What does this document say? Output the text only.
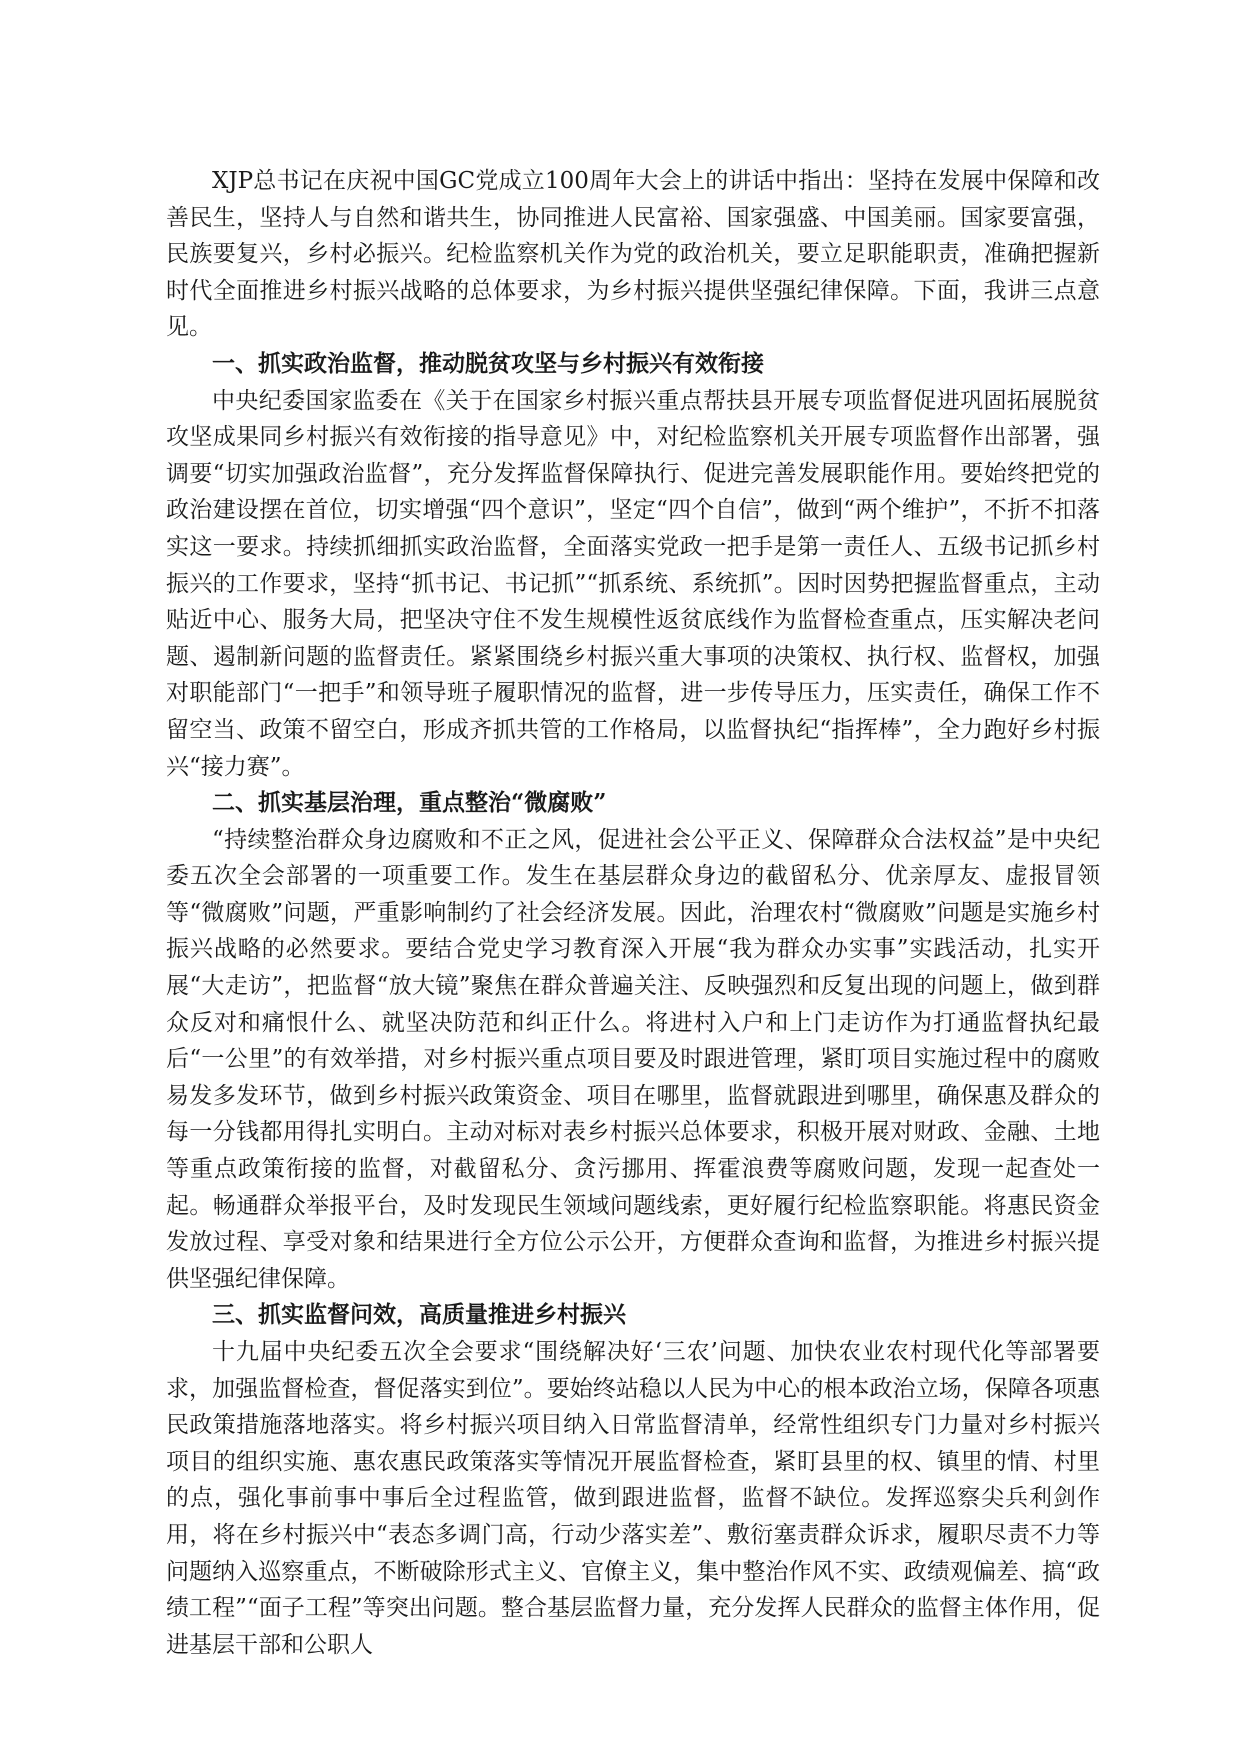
XJP总书记在庆祝中国GC党成立100周年大会上的讲话中指出：坚持在发展中保障和改善民生，坚持人与自然和谐共生，协同推进人民富裕、国家强盛、中国美丽。国家要富强，民族要复兴，乡村必振兴。纪检监察机关作为党的政治机关，要立足职能职责，准确把握新时代全面推进乡村振兴战略的总体要求，为乡村振兴提供坚强纪律保障。下面，我讲三点意见。

一、抓实政治监督，推动脱贫攻坚与乡村振兴有效衔接

中央纪委国家监委在《关于在国家乡村振兴重点帮扶县开展专项监督促进巩固拓展脱贫攻坚成果同乡村振兴有效衔接的指导意见》中，对纪检监察机关开展专项监督作出部署，强调要“切实加强政治监督”，充分发挥监督保障执行、促进完善发展职能作用。要始终把党的政治建设摆在首位，切实增强“四个意识”，坚定“四个自信”，做到“两个维护”，不折不扣落实这一要求。持续抓细抓实政治监督，全面落实党政一把手是第一责任人、五级书记抓乡村振兴的工作要求，坚持“抓书记、书记抓”“抓系统、系统抓”。因时因势把握监督重点，主动贴近中心、服务大局，把坚决守住不发生规模性返贫底线作为监督检查重点，压实解决老问题、遏制新问题的监督责任。紧紧围绕乡村振兴重大事项的决策权、执行权、监督权，加强对职能部门“一把手”和领导班子履职情况的监督，进一步传导压力，压实责任，确保工作不留空当、政策不留空白，形成齐抓共管的工作格局，以监督执纪“指挥棒”，全力跑好乡村振兴“接力赛”。

二、抓实基层治理，重点整治“微腐败”

“持续整治群众身边腐败和不正之风，促进社会公平正义、保障群众合法权益”是中央纪委五次全会部署的一项重要工作。发生在基层群众身边的截留私分、优亲厚友、虚报冒领等“微腐败”问题，严重影响制约了社会经济发展。因此，治理农村“微腐败”问题是实施乡村振兴战略的必然要求。要结合党史学习教育深入开展“我为群众办实事”实践活动，扎实开展“大走访”，把监督“放大镜”聚焦在群众普遍关注、反映强烈和反复出现的问题上，做到群众反对和痛恨什么、就坚决防范和纠正什么。将进村入户和上门走访作为打通监督执纪最后“一公里”的有效举措，对乡村振兴重点项目要及时跟进管理，紧盯项目实施过程中的腐败易发多发环节，做到乡村振兴政策资金、项目在哪里，监督就跟进到哪里，确保惠及群众的每一分钱都用得扎实明白。主动对标对表乡村振兴总体要求，积极开展对财政、金融、土地等重点政策衔接的监督，对截留私分、贪污挪用、挥霍浪费等腐败问题，发现一起查处一起。畅通群众举报平台，及时发现民生领域问题线索，更好履行纪检监察职能。将惠民资金发放过程、享受对象和结果进行全方位公示公开，方便群众查询和监督，为推进乡村振兴提供坚强纪律保障。

三、抓实监督问效，高质量推进乡村振兴

十九届中央纪委五次全会要求“围绕解决好‘三农’问题、加快农业农村现代化等部署要求，加强监督检查，督促落实到位”。要始终站稳以人民为中心的根本政治立场，保障各项惠民政策措施落地落实。将乡村振兴项目纳入日常监督清单，经常性组织专门力量对乡村振兴项目的组织实施、惠农惠民政策落实等情况开展监督检查，紧盯县里的权、镇里的情、村里的点，强化事前事中事后全过程监管，做到跟进监督，监督不缺位。发挥巡察尖兵利剑作用，将在乡村振兴中“表态多调门高，行动少落实差”、敷衍塞责群众诉求，履职尽责不力等问题纳入巡察重点，不断破除形式主义、官僚主义，集中整治作风不实、政绩观偏差、搞“政绩工程”“面子工程”等突出问题。整合基层监督力量，充分发挥人民群众的监督主体作用，促进基层干部和公职人
